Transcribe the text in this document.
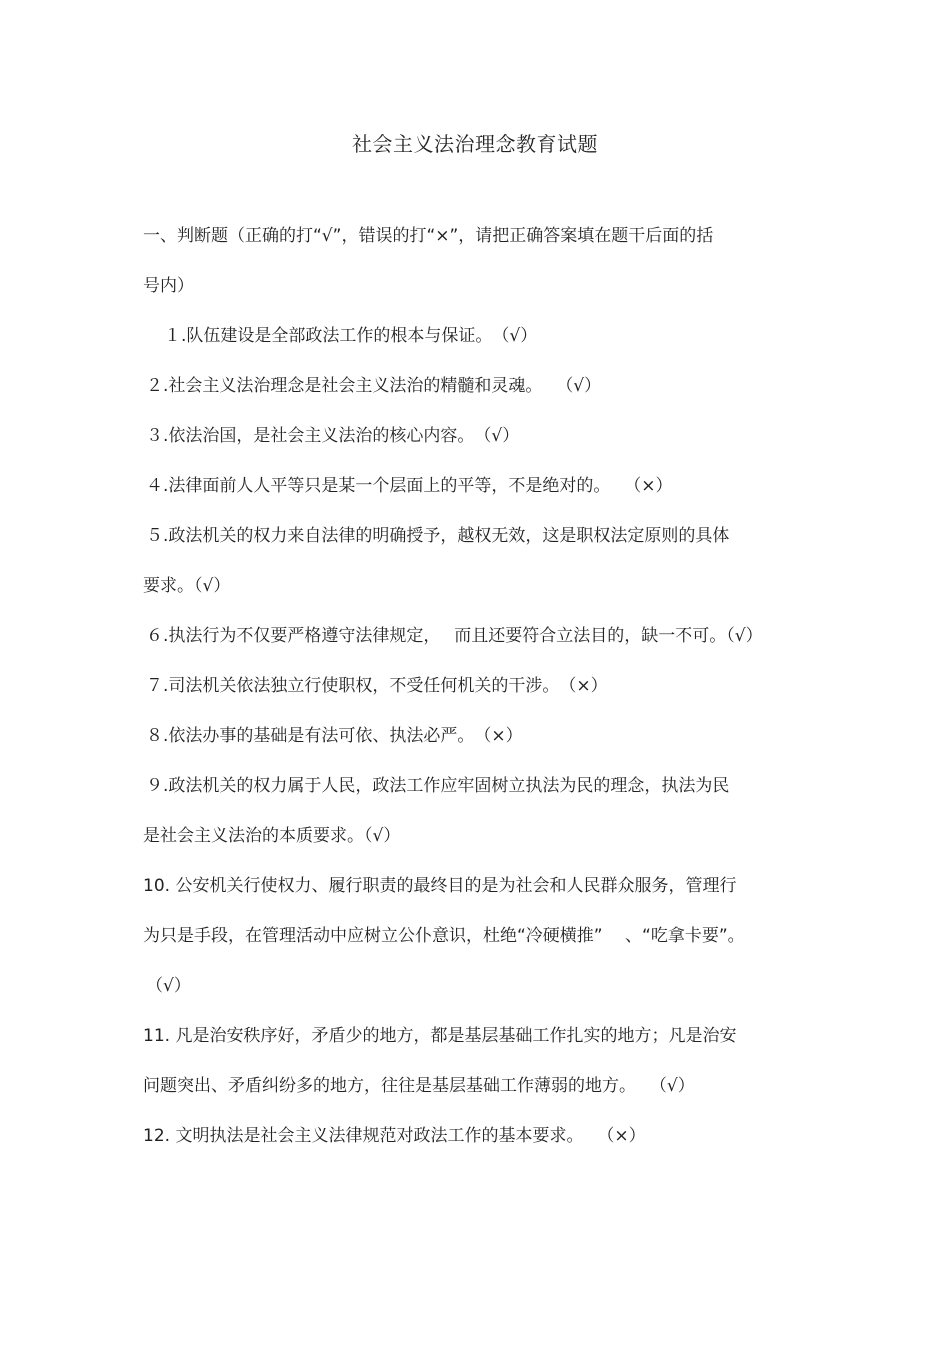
社会主义法治理念教育试题
一、判断题（正确的打“√”，错误的打“×”，请把正确答案填在题干后面的括
号内）
１.队伍建设是全部政法工作的根本与保证。　（√）
２.社会主义法治理念是社会主义法治的精髓和灵魂。　 （√）
３.依法治国，是社会主义法治的核心内容。　（√）
４.法律面前人人平等只是某一个层面上的平等，不是绝对的。　 （×）
５.政法机关的权力来自法律的明确授予，越权无效，这是职权法定原则的具体
要求。（√）
６.执法行为不仅要严格遵守法律规定，　 而且还要符合立法目的，缺一不可。（√）
７.司法机关依法独立行使职权，不受任何机关的干涉。　（×）
８.依法办事的基础是有法可依、执法必严。　（×）
９.政法机关的权力属于人民，政法工作应牢固树立执法为民的理念，执法为民
是社会主义法治的本质要求。（√）
10. 公安机关行使权力、履行职责的最终目的是为社会和人民群众服务，管理行
为只是手段，在管理活动中应树立公仆意识，杜绝“冷硬横推”　 、“吃拿卡要”。
（√）
11. 凡是治安秩序好，矛盾少的地方，都是基层基础工作扎实的地方；凡是治安
问题突出、矛盾纠纷多的地方，往往是基层基础工作薄弱的地方。　 （√）
12. 文明执法是社会主义法律规范对政法工作的基本要求。　 （×）
